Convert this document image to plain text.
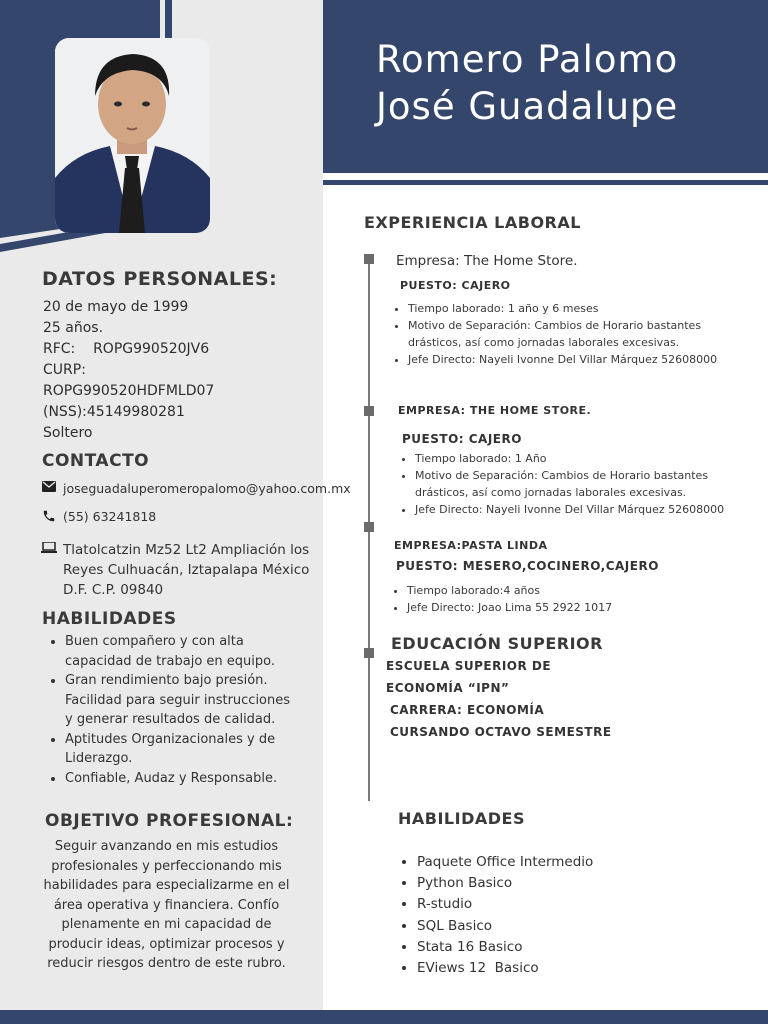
Romero Palomo
José Guadalupe
DATOS PERSONALES:
20 de mayo de 1999
25 años.
RFC:    ROPG990520JV6
CURP:
ROPG990520HDFMLD07
(NSS):45149980281
Soltero
CONTACTO
joseguadaluperomeropalomo@yahoo.com.mx
(55) 63241818
Tlatolcatzin Mz52 Lt2 Ampliación los
Reyes Culhuacán, Iztapalapa México
D.F. C.P. 09840
HABILIDADES
• Buen compañero y con alta capacidad de trabajo en equipo.
• Gran rendimiento bajo presión. Facilidad para seguir instrucciones y generar resultados de calidad.
• Aptitudes Organizacionales y de Liderazgo.
• Confiable, Audaz y Responsable.
OBJETIVO PROFESIONAL:
Seguir avanzando en mis estudios profesionales y perfeccionando mis habilidades para especializarme en el área operativa y financiera. Confío plenamente en mi capacidad de producir ideas, optimizar procesos y reducir riesgos dentro de este rubro.
EXPERIENCIA LABORAL
Empresa: The Home Store.
PUESTO: CAJERO
• Tiempo laborado: 1 año y 6 meses
• Motivo de Separación: Cambios de Horario bastantes drásticos, así como jornadas laborales excesivas.
• Jefe Directo: Nayeli Ivonne Del Villar Márquez 52608000
EMPRESA: THE HOME STORE.
PUESTO: CAJERO
• Tiempo laborado: 1 Año
• Motivo de Separación: Cambios de Horario bastantes drásticos, así como jornadas laborales excesivas.
• Jefe Directo: Nayeli Ivonne Del Villar Márquez 52608000
EMPRESA:PASTA LINDA
PUESTO: MESERO,COCINERO,CAJERO
• Tiempo laborado:4 años
• Jefe Directo: Joao Lima 55 2922 1017
EDUCACIÓN SUPERIOR
ESCUELA SUPERIOR DE
ECONOMÍA “IPN”
CARRERA: ECONOMÍA
CURSANDO OCTAVO SEMESTRE
HABILIDADES
• Paquete Office Intermedio
• Python Basico
• R-studio
• SQL Basico
• Stata 16 Basico
• EViews 12  Basico
